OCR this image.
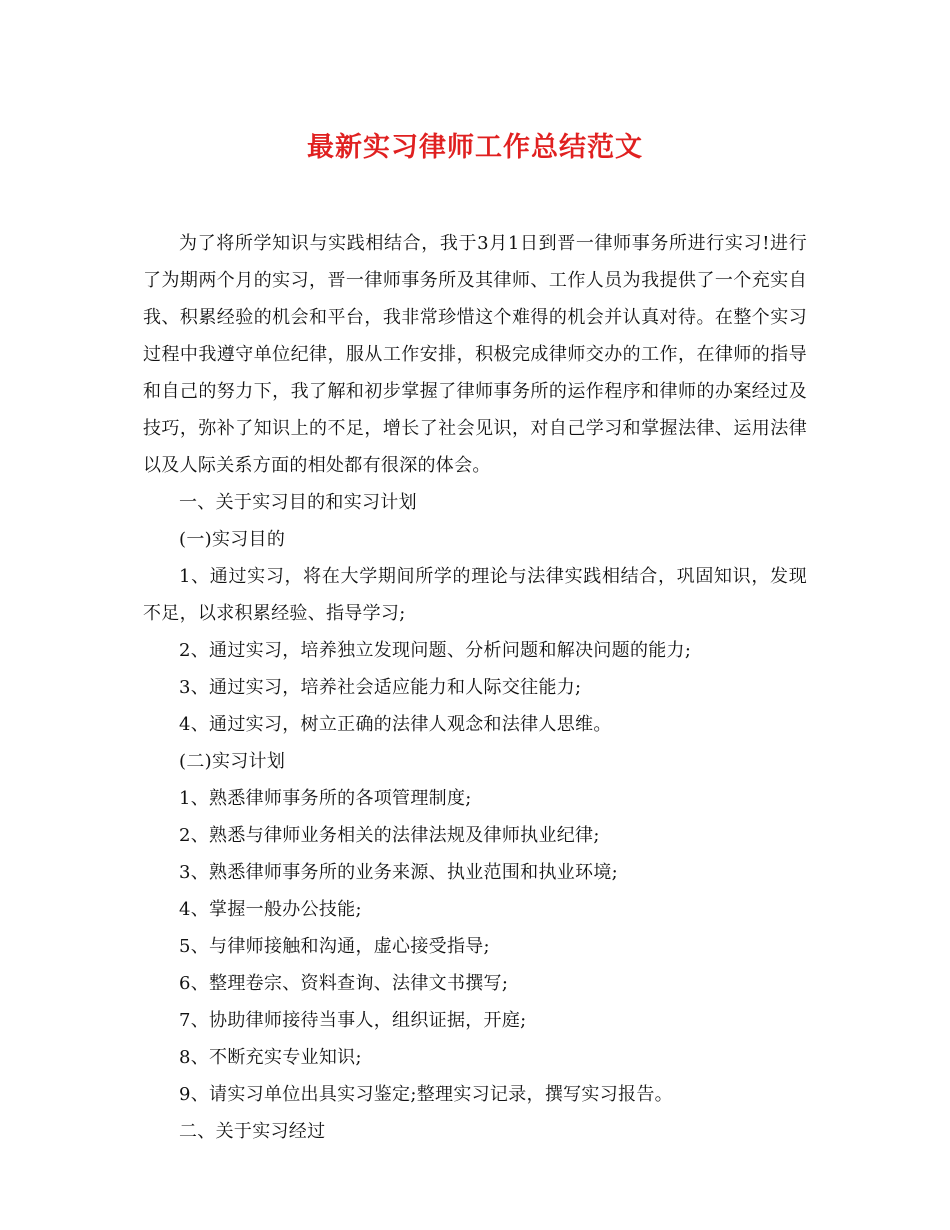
最新实习律师工作总结范文

为了将所学知识与实践相结合，我于3月1日到晋一律师事务所进行实习!进行了为期两个月的实习，晋一律师事务所及其律师、工作人员为我提供了一个充实自我、积累经验的机会和平台，我非常珍惜这个难得的机会并认真对待。在整个实习过程中我遵守单位纪律，服从工作安排，积极完成律师交办的工作，在律师的指导和自己的努力下，我了解和初步掌握了律师事务所的运作程序和律师的办案经过及技巧，弥补了知识上的不足，增长了社会见识，对自己学习和掌握法律、运用法律以及人际关系方面的相处都有很深的体会。

一、关于实习目的和实习计划

(一)实习目的

1、通过实习，将在大学期间所学的理论与法律实践相结合，巩固知识，发现不足，以求积累经验、指导学习;

2、通过实习，培养独立发现问题、分析问题和解决问题的能力;

3、通过实习，培养社会适应能力和人际交往能力;

4、通过实习，树立正确的法律人观念和法律人思维。

(二)实习计划

1、熟悉律师事务所的各项管理制度;

2、熟悉与律师业务相关的法律法规及律师执业纪律;

3、熟悉律师事务所的业务来源、执业范围和执业环境;

4、掌握一般办公技能;

5、与律师接触和沟通，虚心接受指导;

6、整理卷宗、资料查询、法律文书撰写;

7、协助律师接待当事人，组织证据，开庭;

8、不断充实专业知识;

9、请实习单位出具实习鉴定;整理实习记录，撰写实习报告。

二、关于实习经过
